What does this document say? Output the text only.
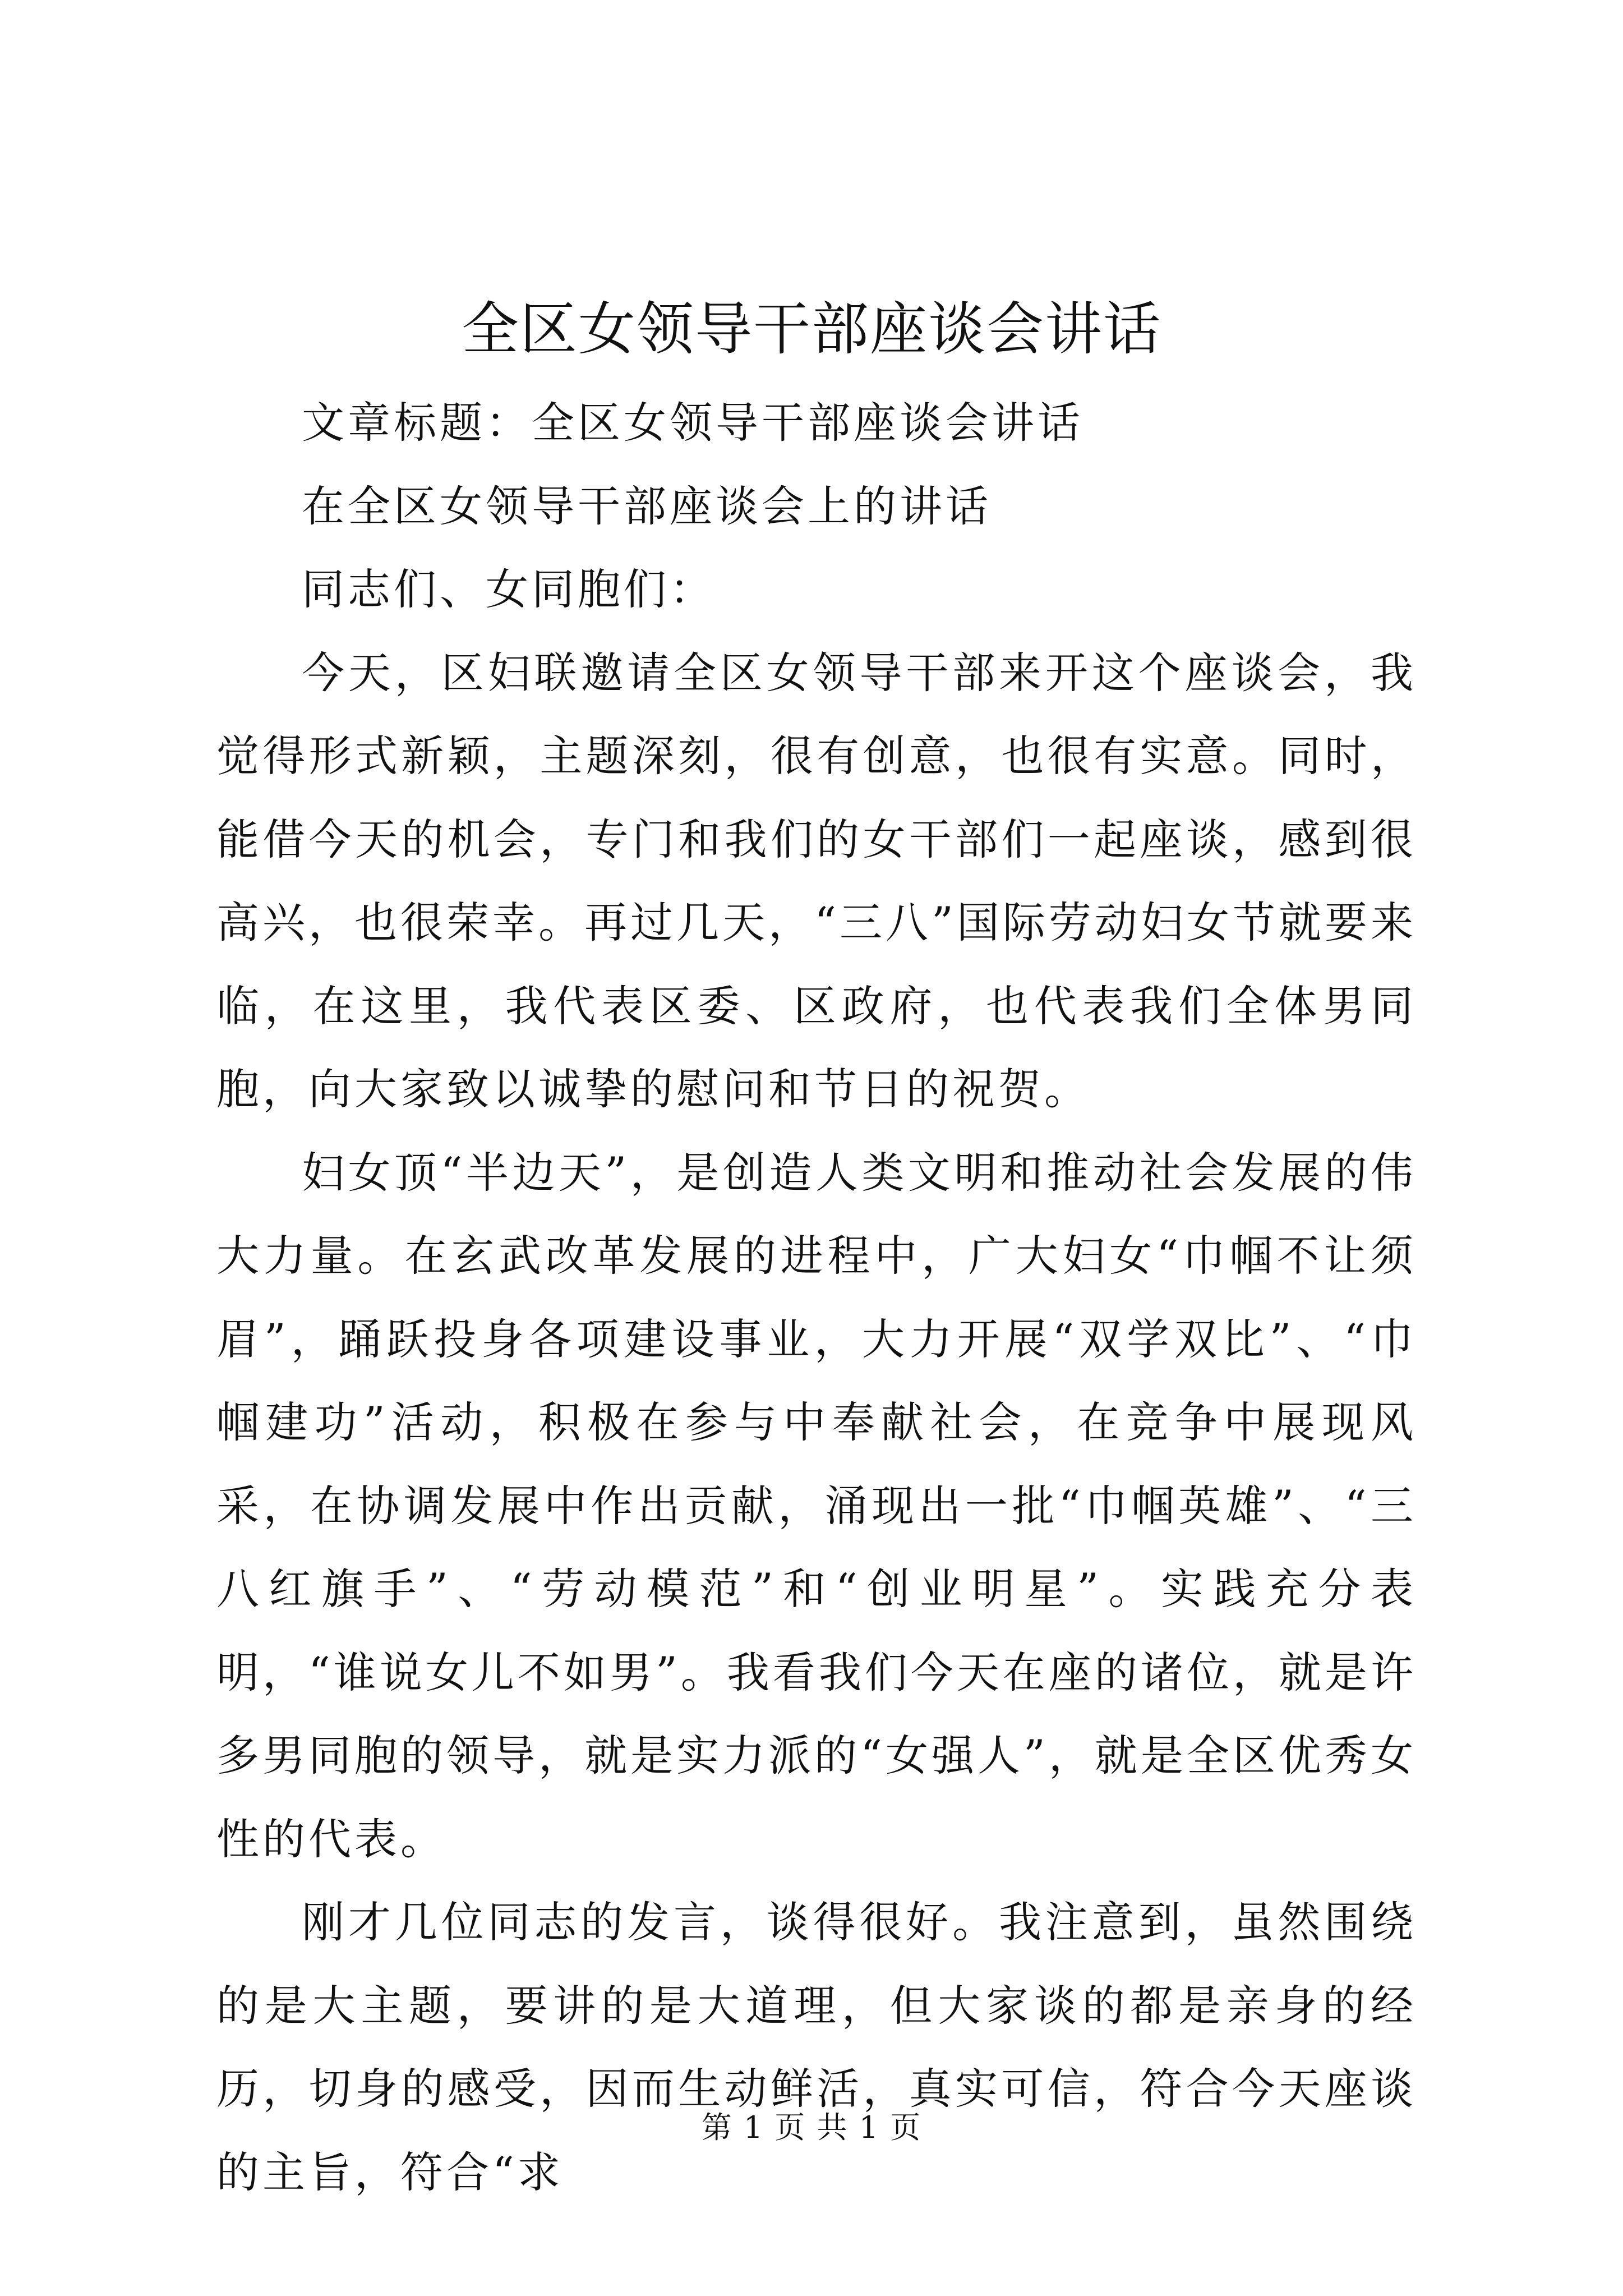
全区女领导干部座谈会讲话

文章标题：全区女领导干部座谈会讲话

在全区女领导干部座谈会上的讲话

同志们、女同胞们：

今天，区妇联邀请全区女领导干部来开这个座谈会，我觉得形式新颖，主题深刻，很有创意，也很有实意。同时，能借今天的机会，专门和我们的女干部们一起座谈，感到很高兴，也很荣幸。再过几天，“三八”国际劳动妇女节就要来临，在这里，我代表区委、区政府，也代表我们全体男同胞，向大家致以诚挚的慰问和节日的祝贺。

妇女顶“半边天”，是创造人类文明和推动社会发展的伟大力量。在玄武改革发展的进程中，广大妇女“巾帼不让须眉”，踊跃投身各项建设事业，大力开展“双学双比”、“巾帼建功”活动，积极在参与中奉献社会，在竞争中展现风采，在协调发展中作出贡献，涌现出一批“巾帼英雄”、“三八红旗手”、“劳动模范”和“创业明星”。实践充分表明，“谁说女儿不如男”。我看我们今天在座的诸位，就是许多男同胞的领导，就是实力派的“女强人”，就是全区优秀女性的代表。

刚才几位同志的发言，谈得很好。我注意到，虽然围绕的是大主题，要讲的是大道理，但大家谈的都是亲身的经历，切身的感受，因而生动鲜活，真实可信，符合今天座谈的主旨，符合“求

第 1 页 共 1 页
